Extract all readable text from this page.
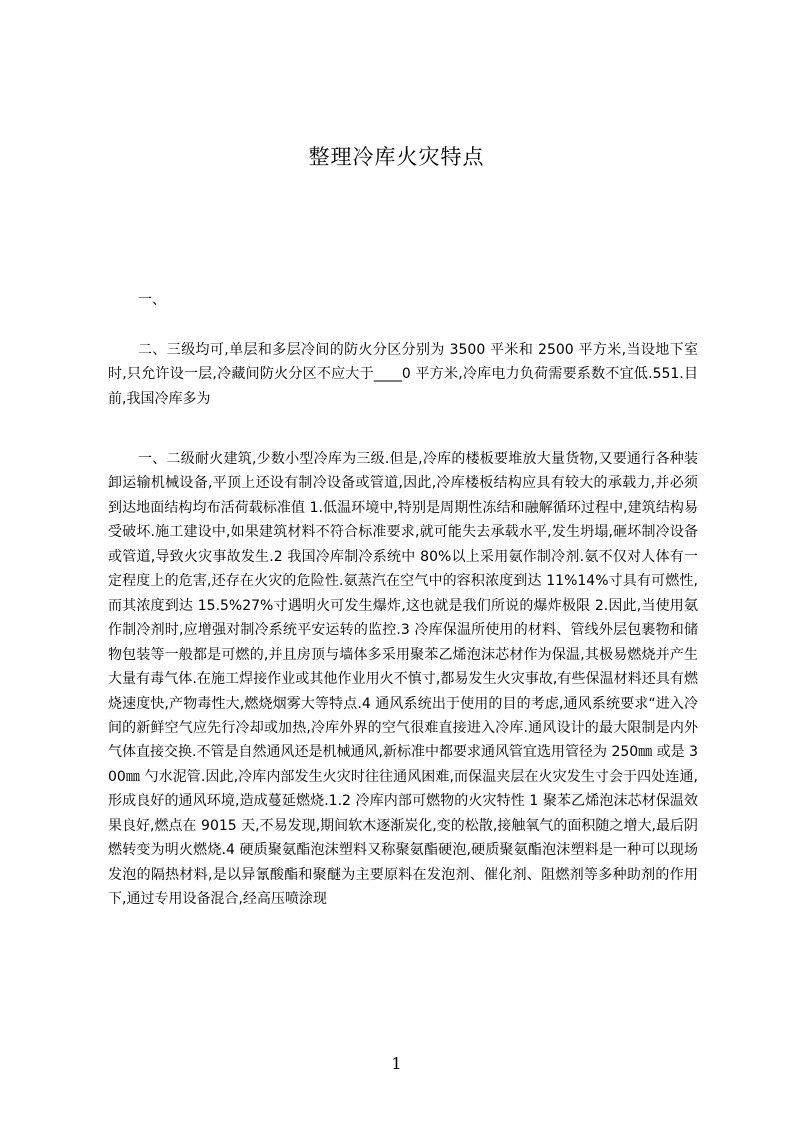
整理冷库火灾特点

一、

二、三级均可,单层和多层冷间的防火分区分别为 3500 平米和 2500 平方米,当设地下室时,只允许设一层,冷藏间防火分区不应大于____0 平方米,冷库电力负荷需要系数不宜低.551.目前,我国冷库多为

一、二级耐火建筑,少数小型冷库为三级.但是,冷库的楼板要堆放大量货物,又要通行各种装卸运输机械设备,平顶上还设有制冷设备或管道,因此,冷库楼板结构应具有较大的承载力,并必须到达地面结构均布活荷载标准值 1.低温环境中,特别是周期性冻结和融解循环过程中,建筑结构易受破坏.施工建设中,如果建筑材料不符合标准要求,就可能失去承载水平,发生坍塌,砸坏制冷设备或管道,导致火灾事故发生.2 我国冷库制冷系统中 80%以上采用氨作制冷剂.氨不仅对人体有一定程度上的危害,还存在火灾的危险性.氨蒸汽在空气中的容积浓度到达 11%14%寸具有可燃性,而其浓度到达 15.5%27%寸遇明火可发生爆炸,这也就是我们所说的爆炸极限 2.因此,当使用氨作制冷剂时,应增强对制冷系统平安运转的监控.3 冷库保温所使用的材料、管线外层包裹物和储物包装等一般都是可燃的,并且房顶与墙体多采用聚苯乙烯泡沫芯材作为保温,其极易燃烧并产生大量有毒气体.在施工焊接作业或其他作业用火不慎寸,都易发生火灾事故,有些保温材料还具有燃烧速度快,产物毒性大,燃烧烟雾大等特点.4 通风系统出于使用的目的考虑,通风系统要求“进入冷间的新鲜空气应先行冷却或加热,冷库外界的空气很难直接进入冷库.通风设计的最大限制是内外气体直接交换.不管是自然通风还是机械通风,新标准中都要求通风管宜选用管径为 250㎜ 或是 300㎜ 勺水泥管.因此,冷库内部发生火灾时往往通风困难,而保温夹层在火灾发生寸会于四处连通,形成良好的通风环境,造成蔓延燃烧.1.2 冷库内部可燃物的火灾特性 1 聚苯乙烯泡沫芯材保温效果良好,燃点在 9015 天,不易发现,期间软木逐渐炭化,变的松散,接触氧气的面积随之增大,最后阴燃转变为明火燃烧.4 硬质聚氨酯泡沫塑料又称聚氨酯硬泡,硬质聚氨酯泡沫塑料是一种可以现场发泡的隔热材料,是以异氰酸酯和聚醚为主要原料在发泡剂、催化剂、阻燃剂等多种助剂的作用下,通过专用设备混合,经高压喷涂现

1
